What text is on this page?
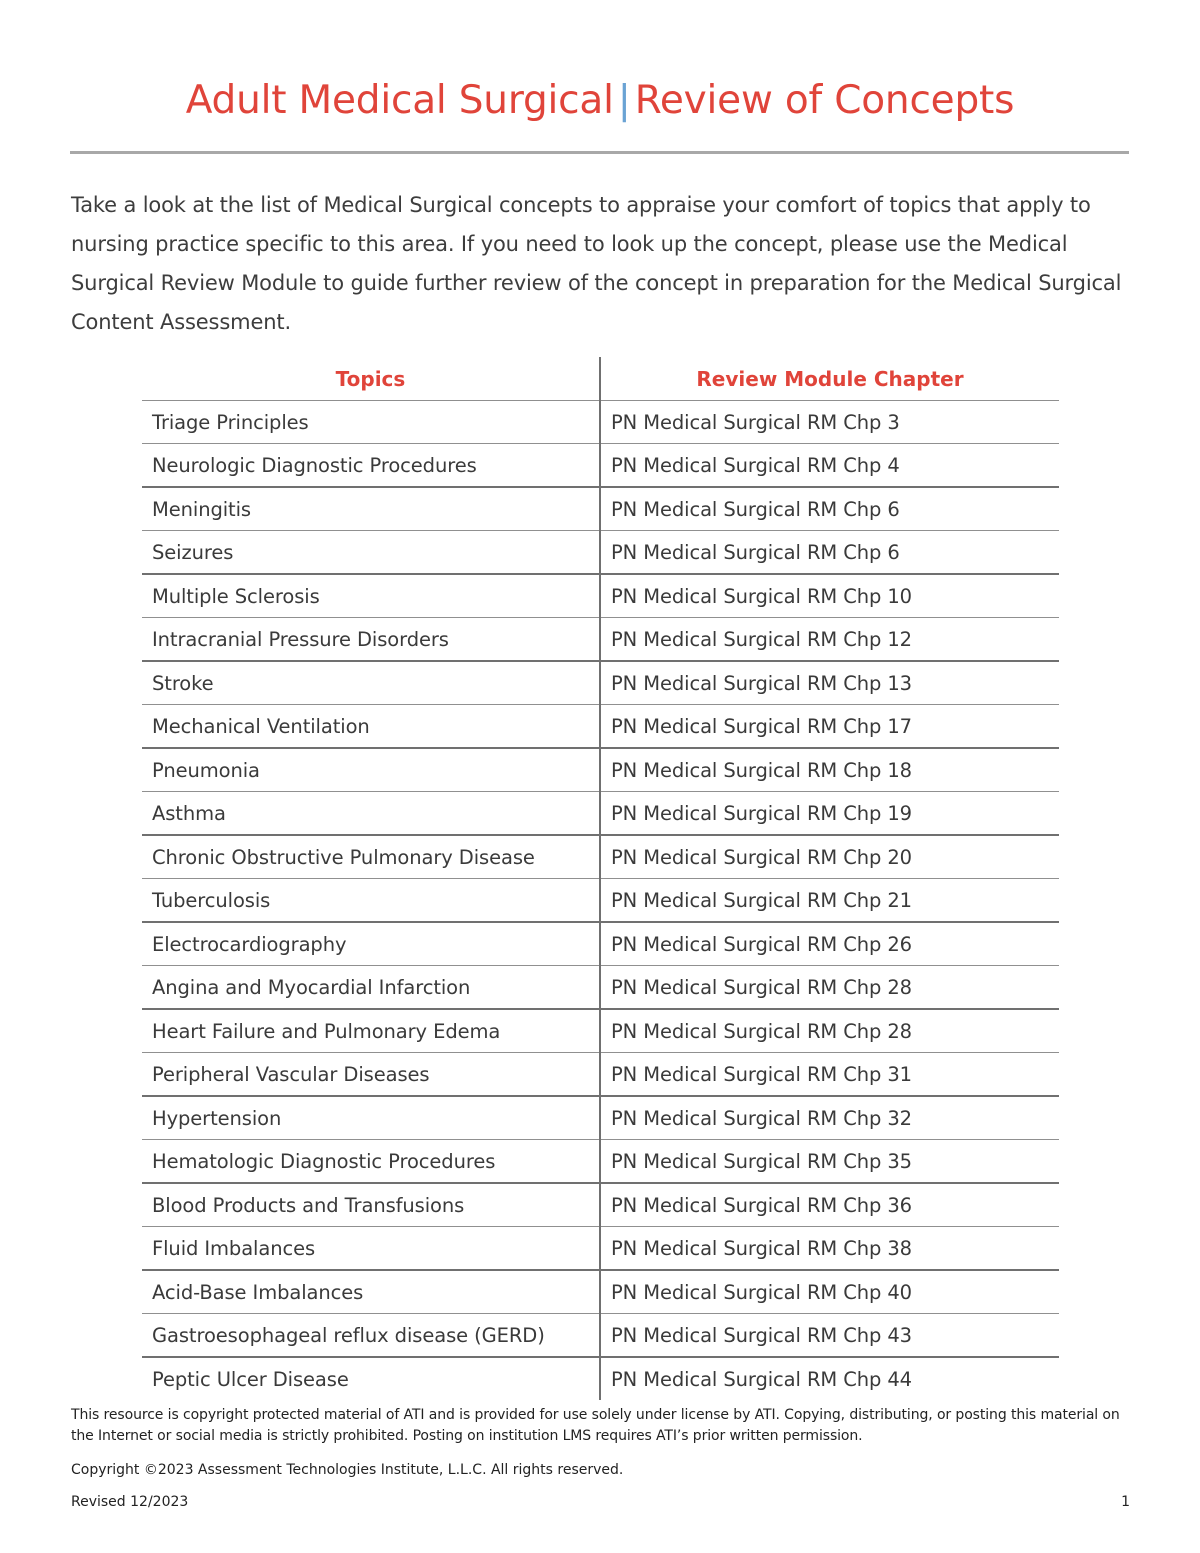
Adult Medical Surgical | Review of Concepts
Take a look at the list of Medical Surgical concepts to appraise your comfort of topics that apply to nursing practice specific to this area. If you need to look up the concept, please use the Medical Surgical Review Module to guide further review of the concept in preparation for the Medical Surgical Content Assessment.
Topics	Review Module Chapter
Triage Principles	PN Medical Surgical RM Chp 3
Neurologic Diagnostic Procedures	PN Medical Surgical RM Chp 4
Meningitis	PN Medical Surgical RM Chp 6
Seizures	PN Medical Surgical RM Chp 6
Multiple Sclerosis	PN Medical Surgical RM Chp 10
Intracranial Pressure Disorders	PN Medical Surgical RM Chp 12
Stroke	PN Medical Surgical RM Chp 13
Mechanical Ventilation	PN Medical Surgical RM Chp 17
Pneumonia	PN Medical Surgical RM Chp 18
Asthma	PN Medical Surgical RM Chp 19
Chronic Obstructive Pulmonary Disease	PN Medical Surgical RM Chp 20
Tuberculosis	PN Medical Surgical RM Chp 21
Electrocardiography	PN Medical Surgical RM Chp 26
Angina and Myocardial Infarction	PN Medical Surgical RM Chp 28
Heart Failure and Pulmonary Edema	PN Medical Surgical RM Chp 28
Peripheral Vascular Diseases	PN Medical Surgical RM Chp 31
Hypertension	PN Medical Surgical RM Chp 32
Hematologic Diagnostic Procedures	PN Medical Surgical RM Chp 35
Blood Products and Transfusions	PN Medical Surgical RM Chp 36
Fluid Imbalances	PN Medical Surgical RM Chp 38
Acid-Base Imbalances	PN Medical Surgical RM Chp 40
Gastroesophageal reflux disease (GERD)	PN Medical Surgical RM Chp 43
Peptic Ulcer Disease	PN Medical Surgical RM Chp 44
This resource is copyright protected material of ATI and is provided for use solely under license by ATI. Copying, distributing, or posting this material on the Internet or social media is strictly prohibited. Posting on institution LMS requires ATI’s prior written permission.
Copyright ©2023 Assessment Technologies Institute, L.L.C. All rights reserved.
Revised 12/2023	1
